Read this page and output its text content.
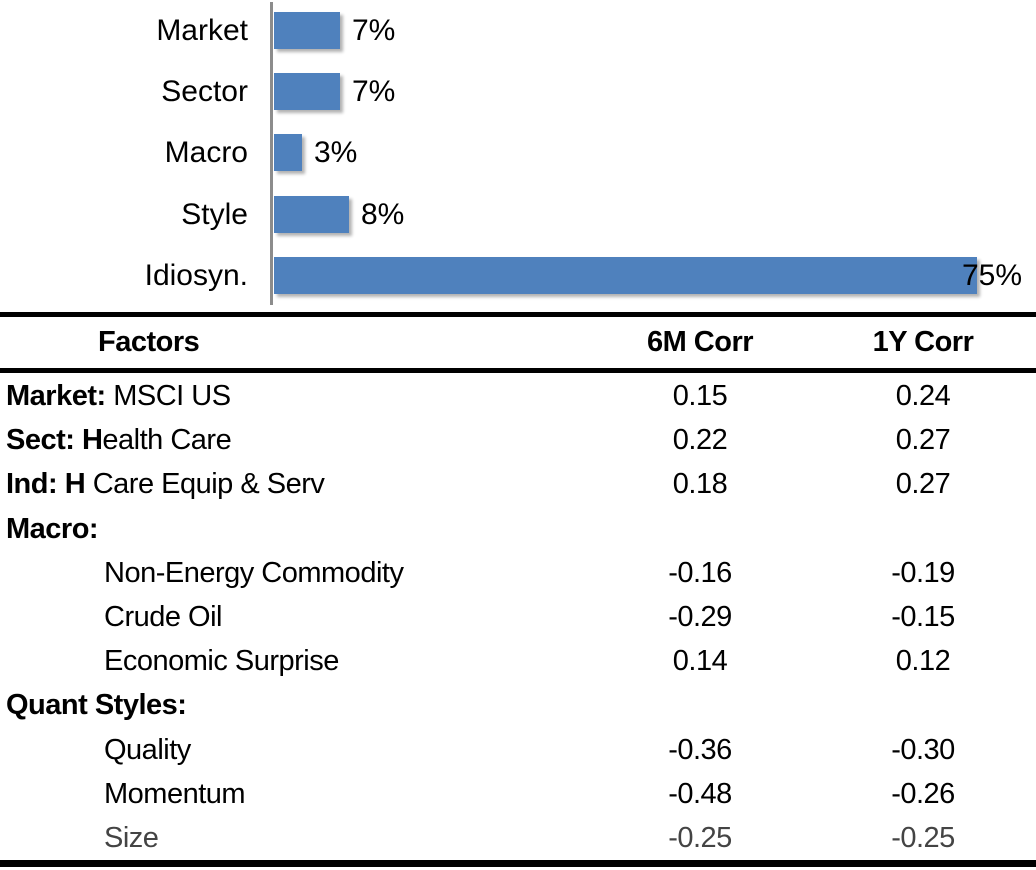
Market	7%
Sector	7%
Macro 3%
Style	8%
Idiosyn.	75%
Factors	6M Corr	1Y Corr
Market: MSCI US	0.15	0.24
Sect: Health Care	0.22	0.27
Ind: H Care Equip & Serv	0.18	0.27
Macro:
Non-Energy Commodity	-0.16	-0.19
Crude Oil	-0.29	-0.15
Economic Surprise	0.14	0.12
Quant Styles:
Quality	-0.36	-0.30
Momentum	-0.48	-0.26
Size	-0.25	-0.25
